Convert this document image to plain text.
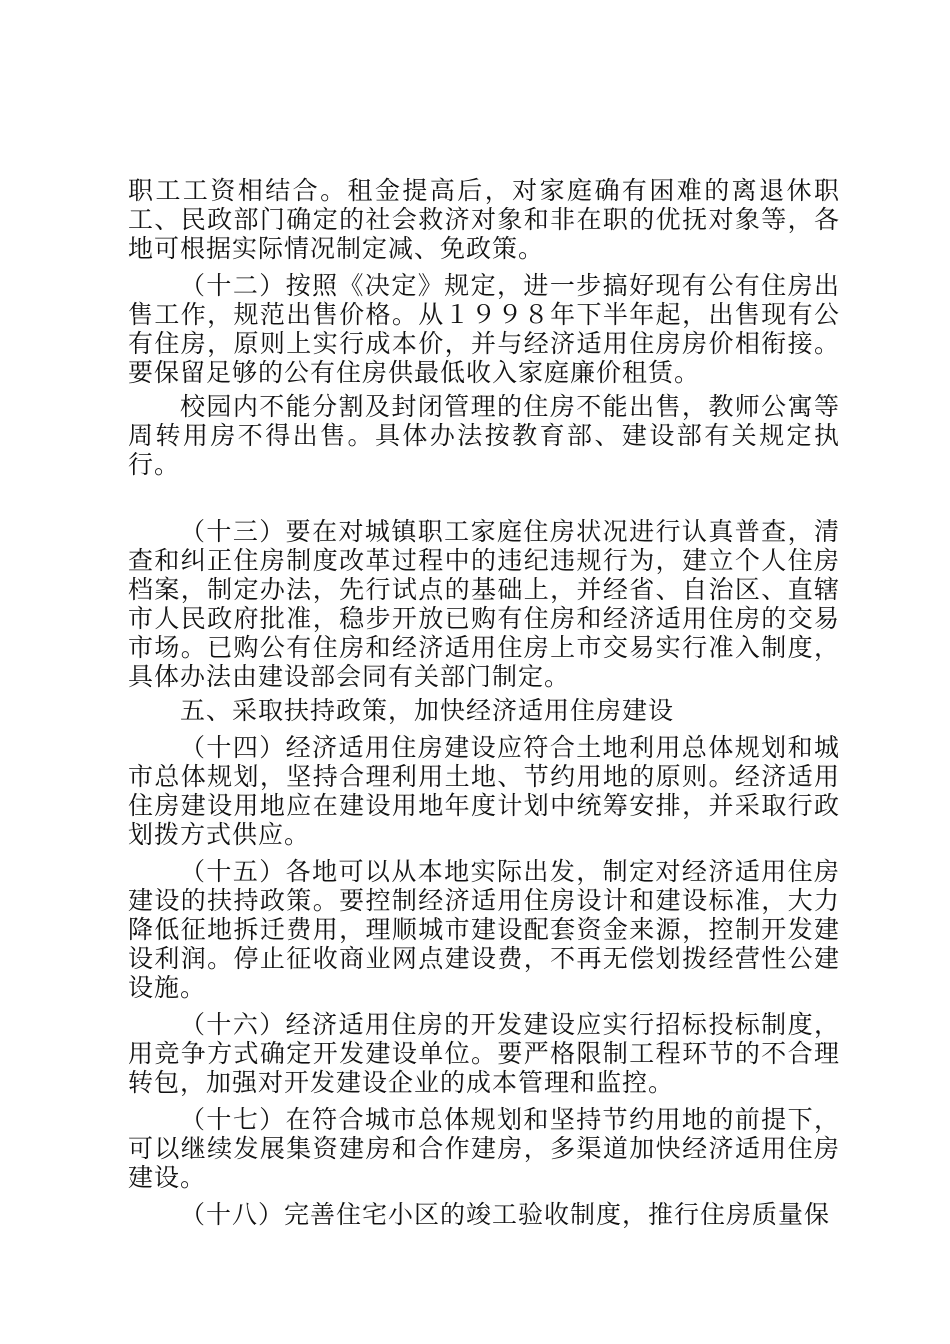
职工工资相结合。租金提高后，对家庭确有困难的离退休职工、民政部门确定的社会救济对象和非在职的优抚对象等，各地可根据实际情况制定减、免政策。

（十二）按照《决定》规定，进一步搞好现有公有住房出售工作，规范出售价格。从１９９８年下半年起，出售现有公有住房，原则上实行成本价，并与经济适用住房房价相衔接。要保留足够的公有住房供最低收入家庭廉价租赁。

校园内不能分割及封闭管理的住房不能出售，教师公寓等周转用房不得出售。具体办法按教育部、建设部有关规定执行。

（十三）要在对城镇职工家庭住房状况进行认真普查，清查和纠正住房制度改革过程中的违纪违规行为，建立个人住房档案，制定办法，先行试点的基础上，并经省、自治区、直辖市人民政府批准，稳步开放已购有住房和经济适用住房的交易市场。已购公有住房和经济适用住房上市交易实行准入制度，具体办法由建设部会同有关部门制定。

五、采取扶持政策，加快经济适用住房建设

（十四）经济适用住房建设应符合土地利用总体规划和城市总体规划，坚持合理利用土地、节约用地的原则。经济适用住房建设用地应在建设用地年度计划中统筹安排，并采取行政划拨方式供应。

（十五）各地可以从本地实际出发，制定对经济适用住房建设的扶持政策。要控制经济适用住房设计和建设标准，大力降低征地拆迁费用，理顺城市建设配套资金来源，控制开发建设利润。停止征收商业网点建设费，不再无偿划拨经营性公建设施。

（十六）经济适用住房的开发建设应实行招标投标制度，用竞争方式确定开发建设单位。要严格限制工程环节的不合理转包，加强对开发建设企业的成本管理和监控。

（十七）在符合城市总体规划和坚持节约用地的前提下，可以继续发展集资建房和合作建房，多渠道加快经济适用住房建设。

（十八）完善住宅小区的竣工验收制度，推行住房质量保
